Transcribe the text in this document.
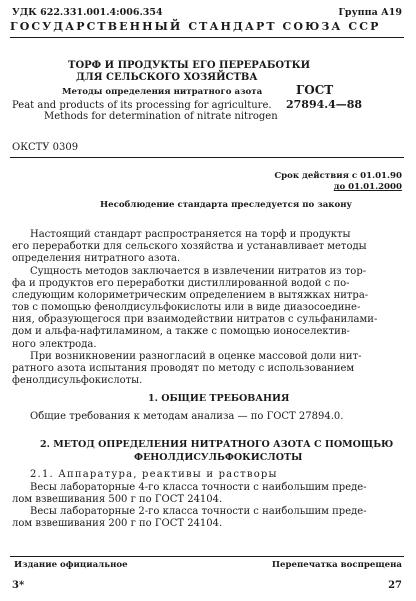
УДК 622.331.001.4:006.354	Группа А19
ГОСУДАРСТВЕННЫЙ СТАНДАРТ СОЮЗА ССР
ТОРФ И ПРОДУКТЫ ЕГО ПЕРЕРАБОТКИ
ДЛЯ СЕЛЬСКОГО ХОЗЯЙСТВА
Методы определения нитратного азота
Peat and products of its processing for agriculture.
Methods for determination of nitrate nitrogen
ГОСТ
27894.4—88
ОКСТУ 0309
Срок действия с 01.01.90
до 01.01.2000
Несоблюдение стандарта преследуется по закону
Настоящий стандарт распространяется на торф и продукты
его переработки для сельского хозяйства и устанавливает методы
определения нитратного азота.
Сущность методов заключается в извлечении нитратов из тор-
фа и продуктов его переработки дистиллированной водой с по-
следующим колориметрическим определением в вытяжках нитра-
тов с помощью фенолдисульфокислоты или в виде диазосоедине-
ния, образующегося при взаимодействии нитратов с сульфанилами-
дом и альфа-нафтиламином, а также с помощью ионоселектив-
ного электрода.
При возникновении разногласий в оценке массовой доли нит-
ратного азота испытания проводят по методу с использованием
фенолдисульфокислоты.
1. ОБЩИЕ ТРЕБОВАНИЯ
Общие требования к методам анализа — по ГОСТ 27894.0.
2. МЕТОД ОПРЕДЕЛЕНИЯ НИТРАТНОГО АЗОТА С ПОМОЩЬЮ
ФЕНОЛДИСУЛЬФОКИСЛОТЫ
2.1. Аппаратура, реактивы и растворы
Весы лабораторные 4-го класса точности с наибольшим преде-
лом взвешивания 500 г по ГОСТ 24104.
Весы лабораторные 2-го класса точности с наибольшим преде-
лом взвешивания 200 г по ГОСТ 24104.
Издание официальное	Перепечатка воспрещена
3*	27
